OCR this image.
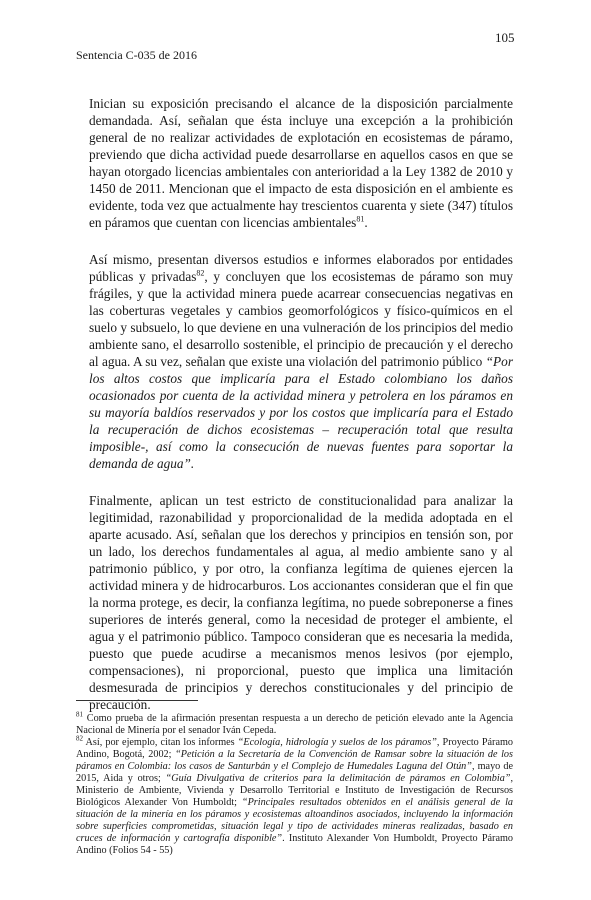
105
Sentencia C-035 de 2016

Inician su exposición precisando el alcance de la disposición parcialmente demandada. Así, señalan que ésta incluye una excepción a la prohibición general de no realizar actividades de explotación en ecosistemas de páramo, previendo que dicha actividad puede desarrollarse en aquellos casos en que se hayan otorgado licencias ambientales con anterioridad a la Ley 1382 de 2010 y 1450 de 2011. Mencionan que el impacto de esta disposición en el ambiente es evidente, toda vez que actualmente hay trescientos cuarenta y siete (347) títulos en páramos que cuentan con licencias ambientales$^{81}$.

Así mismo, presentan diversos estudios e informes elaborados por entidades públicas y privadas$^{82}$, y concluyen que los ecosistemas de páramo son muy frágiles, y que la actividad minera puede acarrear consecuencias negativas en las coberturas vegetales y cambios geomorfológicos y físico-químicos en el suelo y subsuelo, lo que deviene en una vulneración de los principios del medio ambiente sano, el desarrollo sostenible, el principio de precaución y el derecho al agua. A su vez, señalan que existe una violación del patrimonio público “Por los altos costos que implicaría para el Estado colombiano los daños ocasionados por cuenta de la actividad minera y petrolera en los páramos en su mayoría baldíos reservados y por los costos que implicaría para el Estado la recuperación de dichos ecosistemas – recuperación total que resulta imposible-, así como la consecución de nuevas fuentes para soportar la demanda de agua”.

Finalmente, aplican un test estricto de constitucionalidad para analizar la legitimidad, razonabilidad y proporcionalidad de la medida adoptada en el aparte acusado. Así, señalan que los derechos y principios en tensión son, por un lado, los derechos fundamentales al agua, al medio ambiente sano y al patrimonio público, y por otro, la confianza legítima de quienes ejercen la actividad minera y de hidrocarburos. Los accionantes consideran que el fin que la norma protege, es decir, la confianza legítima, no puede sobreponerse a fines superiores de interés general, como la necesidad de proteger el ambiente, el agua y el patrimonio público. Tampoco consideran que es necesaria la medida, puesto que puede acudirse a mecanismos menos lesivos (por ejemplo, compensaciones), ni proporcional, puesto que implica una limitación desmesurada de principios y derechos constitucionales y del principio de precaución.

$^{81}$ Como prueba de la afirmación presentan respuesta a un derecho de petición elevado ante la Agencia Nacional de Minería por el senador Iván Cepeda.

$^{82}$ Así, por ejemplo, citan los informes “Ecología, hidrología y suelos de los páramos”, Proyecto Páramo Andino, Bogotá, 2002; “Petición a la Secretaría de la Convención de Ramsar sobre la situación de los páramos en Colombia: los casos de Santurbán y el Complejo de Humedales Laguna del Otún”, mayo de 2015, Aida y otros; “Guía Divulgativa de criterios para la delimitación de páramos en Colombia”, Ministerio de Ambiente, Vivienda y Desarrollo Territorial e Instituto de Investigación de Recursos Biológicos Alexander Von Humboldt; “Principales resultados obtenidos en el análisis general de la situación de la minería en los páramos y ecosistemas altoandinos asociados, incluyendo la información sobre superficies comprometidas, situación legal y tipo de actividades mineras realizadas, basado en cruces de información y cartografía disponible”. Instituto Alexander Von Humboldt, Proyecto Páramo Andino (Folios 54 - 55)
